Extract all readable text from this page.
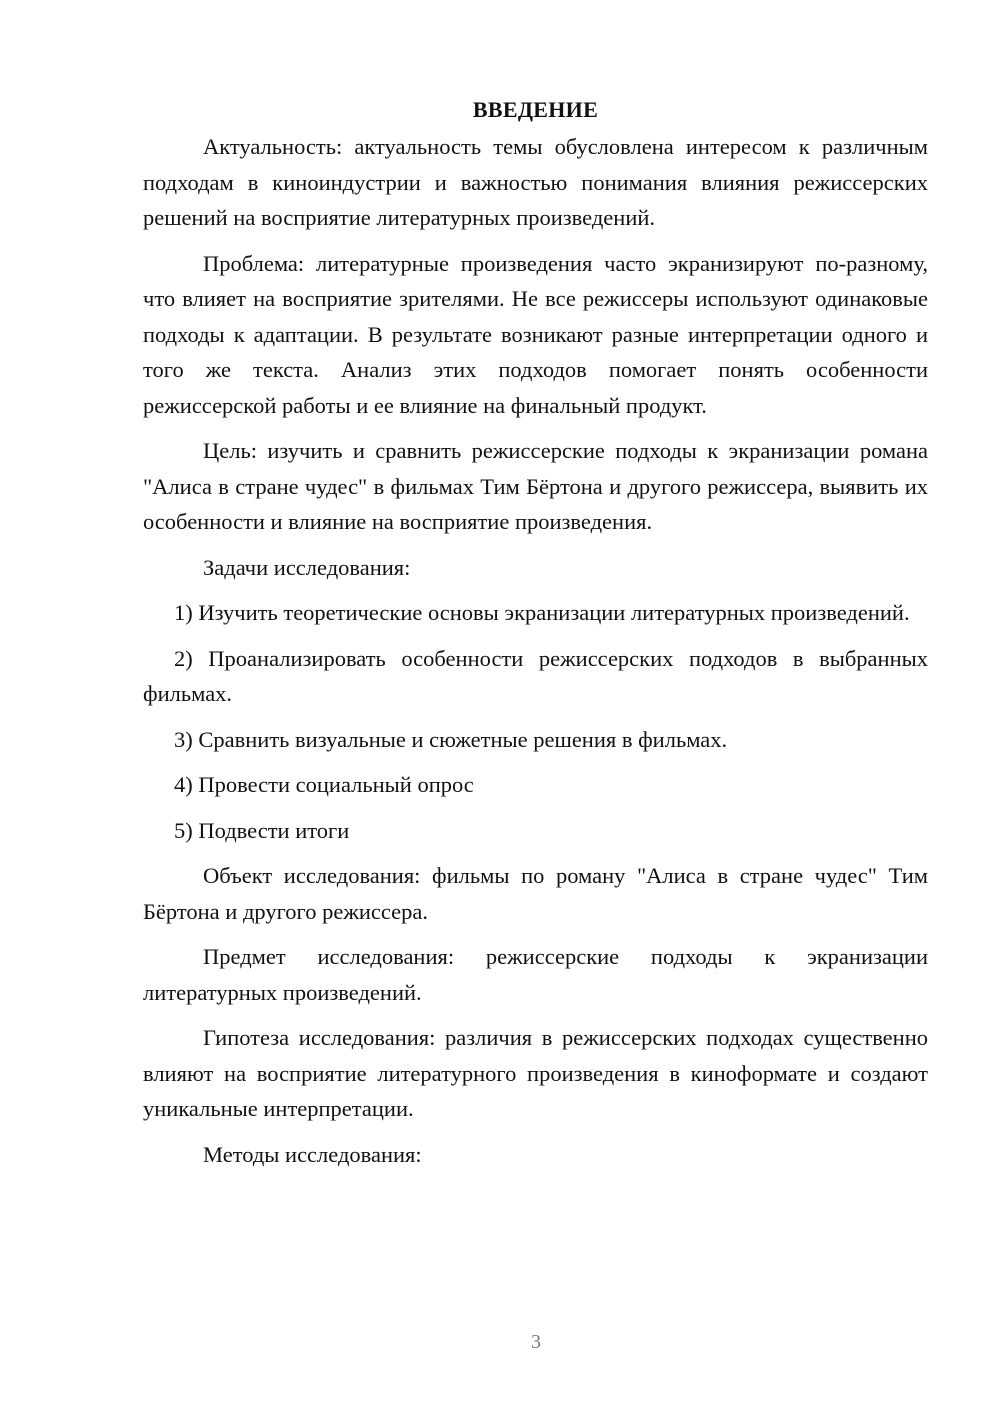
ВВЕДЕНИЕ

Актуальность: актуальность темы обусловлена интересом к различным подходам в киноиндустрии и важностью понимания влияния режиссерских решений на восприятие литературных произведений.

Проблема: литературные произведения часто экранизируют по-разному, что влияет на восприятие зрителями. Не все режиссеры используют одинаковые подходы к адаптации. В результате возникают разные интерпретации одного и того же текста. Анализ этих подходов помогает понять особенности режиссерской работы и ее влияние на финальный продукт.

Цель: изучить и сравнить режиссерские подходы к экранизации романа "Алиса в стране чудес" в фильмах Тим Бёртона и другого режиссера, выявить их особенности и влияние на восприятие произведения.

Задачи исследования:

1) Изучить теоретические основы экранизации литературных произведений.

2) Проанализировать особенности режиссерских подходов в выбранных фильмах.

3) Сравнить визуальные и сюжетные решения в фильмах.

4) Провести социальный опрос

5) Подвести итоги

Объект исследования: фильмы по роману "Алиса в стране чудес" Тим Бёртона и другого режиссера.

Предмет исследования: режиссерские подходы к экранизации литературных произведений.

Гипотеза исследования: различия в режиссерских подходах существенно влияют на восприятие литературного произведения в киноформате и создают уникальные интерпретации.

Методы исследования:

3
